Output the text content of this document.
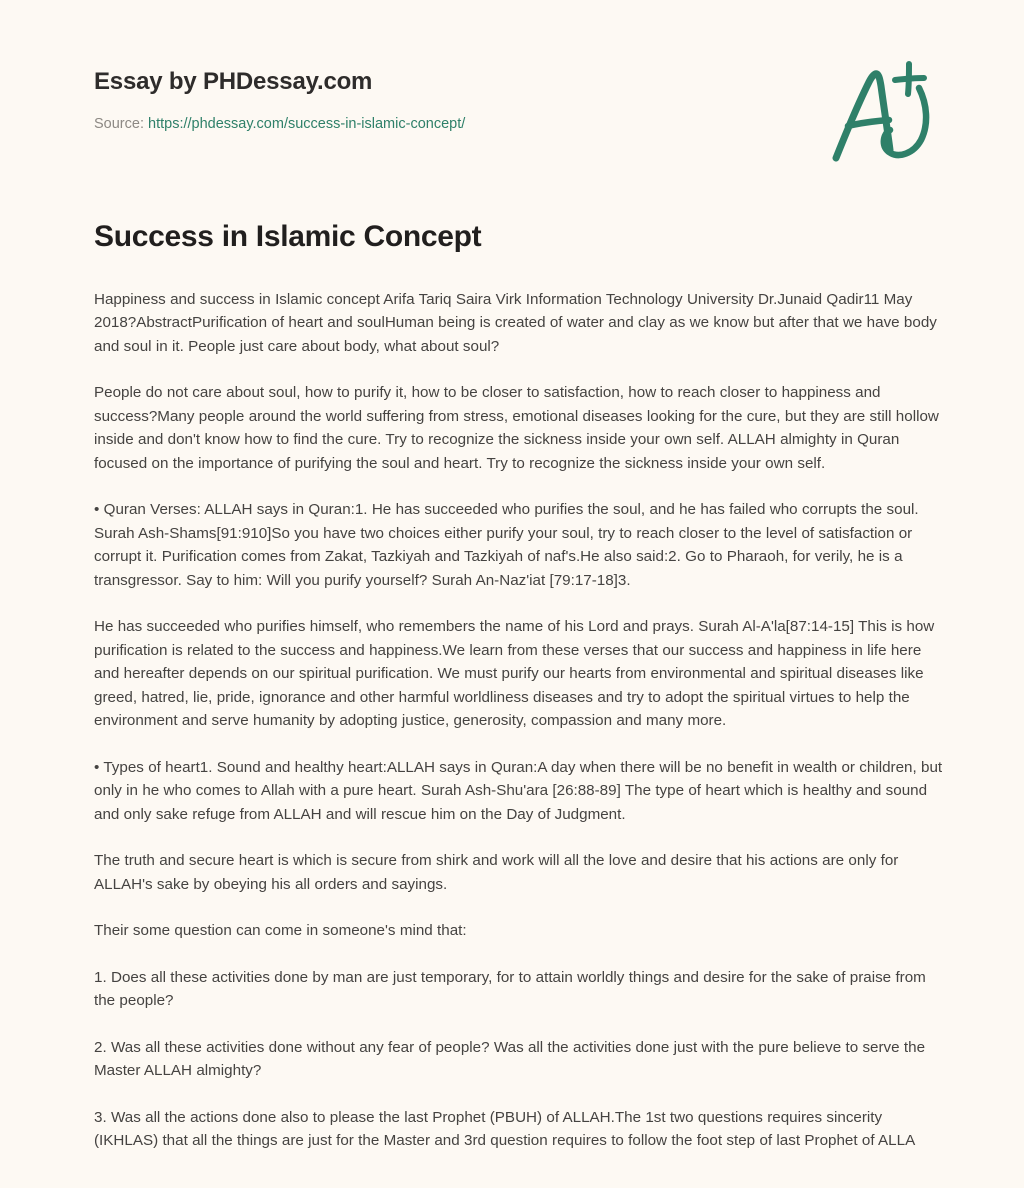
Essay by PHDessay.com
Source: https://phdessay.com/success-in-islamic-concept/
Success in Islamic Concept

Happiness and success in Islamic concept Arifa Tariq Saira Virk Information Technology University Dr.Junaid Qadir11 May 2018?AbstractPurification of heart and soulHuman being is created of water and clay as we know but after that we have body and soul in it. People just care about body, what about soul?

People do not care about soul, how to purify it, how to be closer to satisfaction, how to reach closer to happiness and success?Many people around the world suffering from stress, emotional diseases looking for the cure, but they are still hollow inside and don't know how to find the cure. Try to recognize the sickness inside your own self. ALLAH almighty in Quran focused on the importance of purifying the soul and heart. Try to recognize the sickness inside your own self.

• Quran Verses: ALLAH says in Quran:1. He has succeeded who purifies the soul, and he has failed who corrupts the soul. Surah Ash-Shams[91:910]So you have two choices either purify your soul, try to reach closer to the level of satisfaction or corrupt it. Purification comes from Zakat, Tazkiyah and Tazkiyah of naf's.He also said:2. Go to Pharaoh, for verily, he is a transgressor. Say to him: Will you purify yourself? Surah An-Naz'iat [79:17-18]3.

He has succeeded who purifies himself, who remembers the name of his Lord and prays. Surah Al-A'la[87:14-15] This is how purification is related to the success and happiness.We learn from these verses that our success and happiness in life here and hereafter depends on our spiritual purification. We must purify our hearts from environmental and spiritual diseases like greed, hatred, lie, pride, ignorance and other harmful worldliness diseases and try to adopt the spiritual virtues to help the environment and serve humanity by adopting justice, generosity, compassion and many more.

• Types of heart1. Sound and healthy heart:ALLAH says in Quran:A day when there will be no benefit in wealth or children, but only in he who comes to Allah with a pure heart. Surah Ash-Shu'ara [26:88-89] The type of heart which is healthy and sound and only sake refuge from ALLAH and will rescue him on the Day of Judgment.

The truth and secure heart is which is secure from shirk and work will all the love and desire that his actions are only for ALLAH's sake by obeying his all orders and sayings.

Their some question can come in someone's mind that:

1. Does all these activities done by man are just temporary, for to attain worldly things and desire for the sake of praise from the people?

2. Was all these activities done without any fear of people? Was all the activities done just with the pure believe to serve the Master ALLAH almighty?

3. Was all the actions done also to please the last Prophet (PBUH) of ALLAH.The 1st two questions requires sincerity (IKHLAS) that all the things are just for the Master and 3rd question requires to follow the foot step of last Prophet of ALLA
